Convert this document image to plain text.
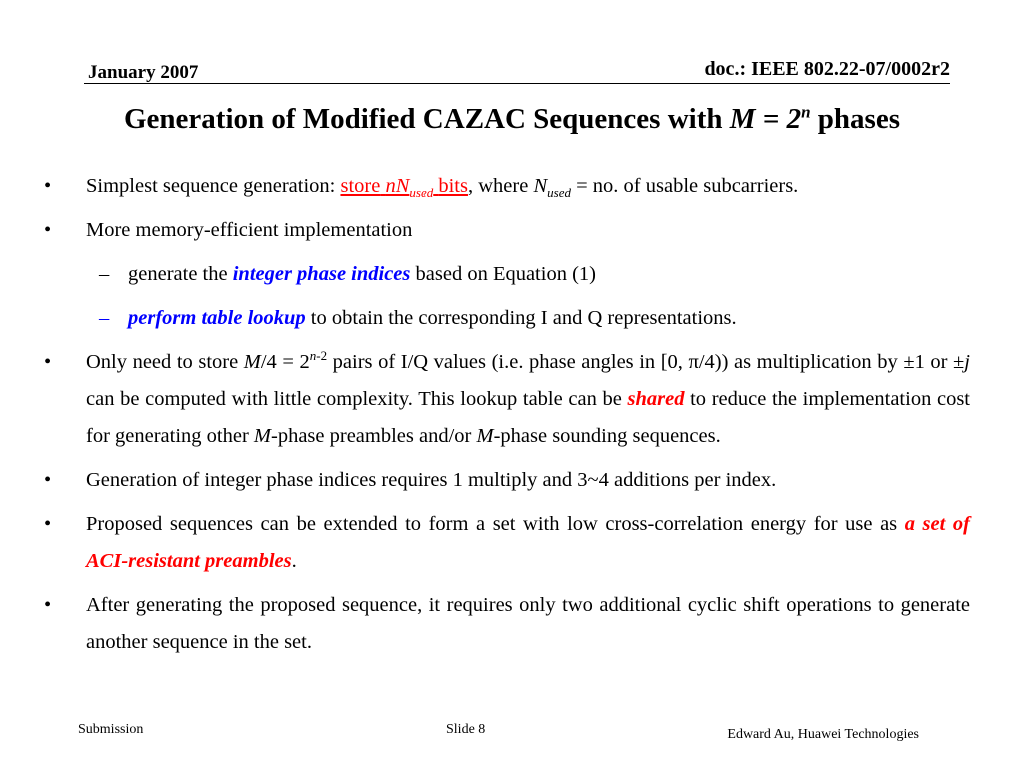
January 2007	doc.: IEEE 802.22-07/0002r2
Generation of Modified CAZAC Sequences with $M = 2^n$ phases
• Simplest sequence generation: store $nN_{used}$ bits, where $N_{used}$ = no. of usable subcarriers.
• More memory-efficient implementation
– generate the integer phase indices based on Equation (1)
– perform table lookup to obtain the corresponding I and Q representations.
• Only need to store $M/4 = 2^{n-2}$ pairs of I/Q values (i.e. phase angles in [0, π/4)) as multiplication by ±1 or ±j can be computed with little complexity. This lookup table can be shared to reduce the implementation cost for generating other M-phase preambles and/or M-phase sounding sequences.
• Generation of integer phase indices requires 1 multiply and 3~4 additions per index.
• Proposed sequences can be extended to form a set with low cross-correlation energy for use as a set of ACI-resistant preambles.
• After generating the proposed sequence, it requires only two additional cyclic shift operations to generate another sequence in the set.
Submission	Slide 8	Edward Au, Huawei Technologies
